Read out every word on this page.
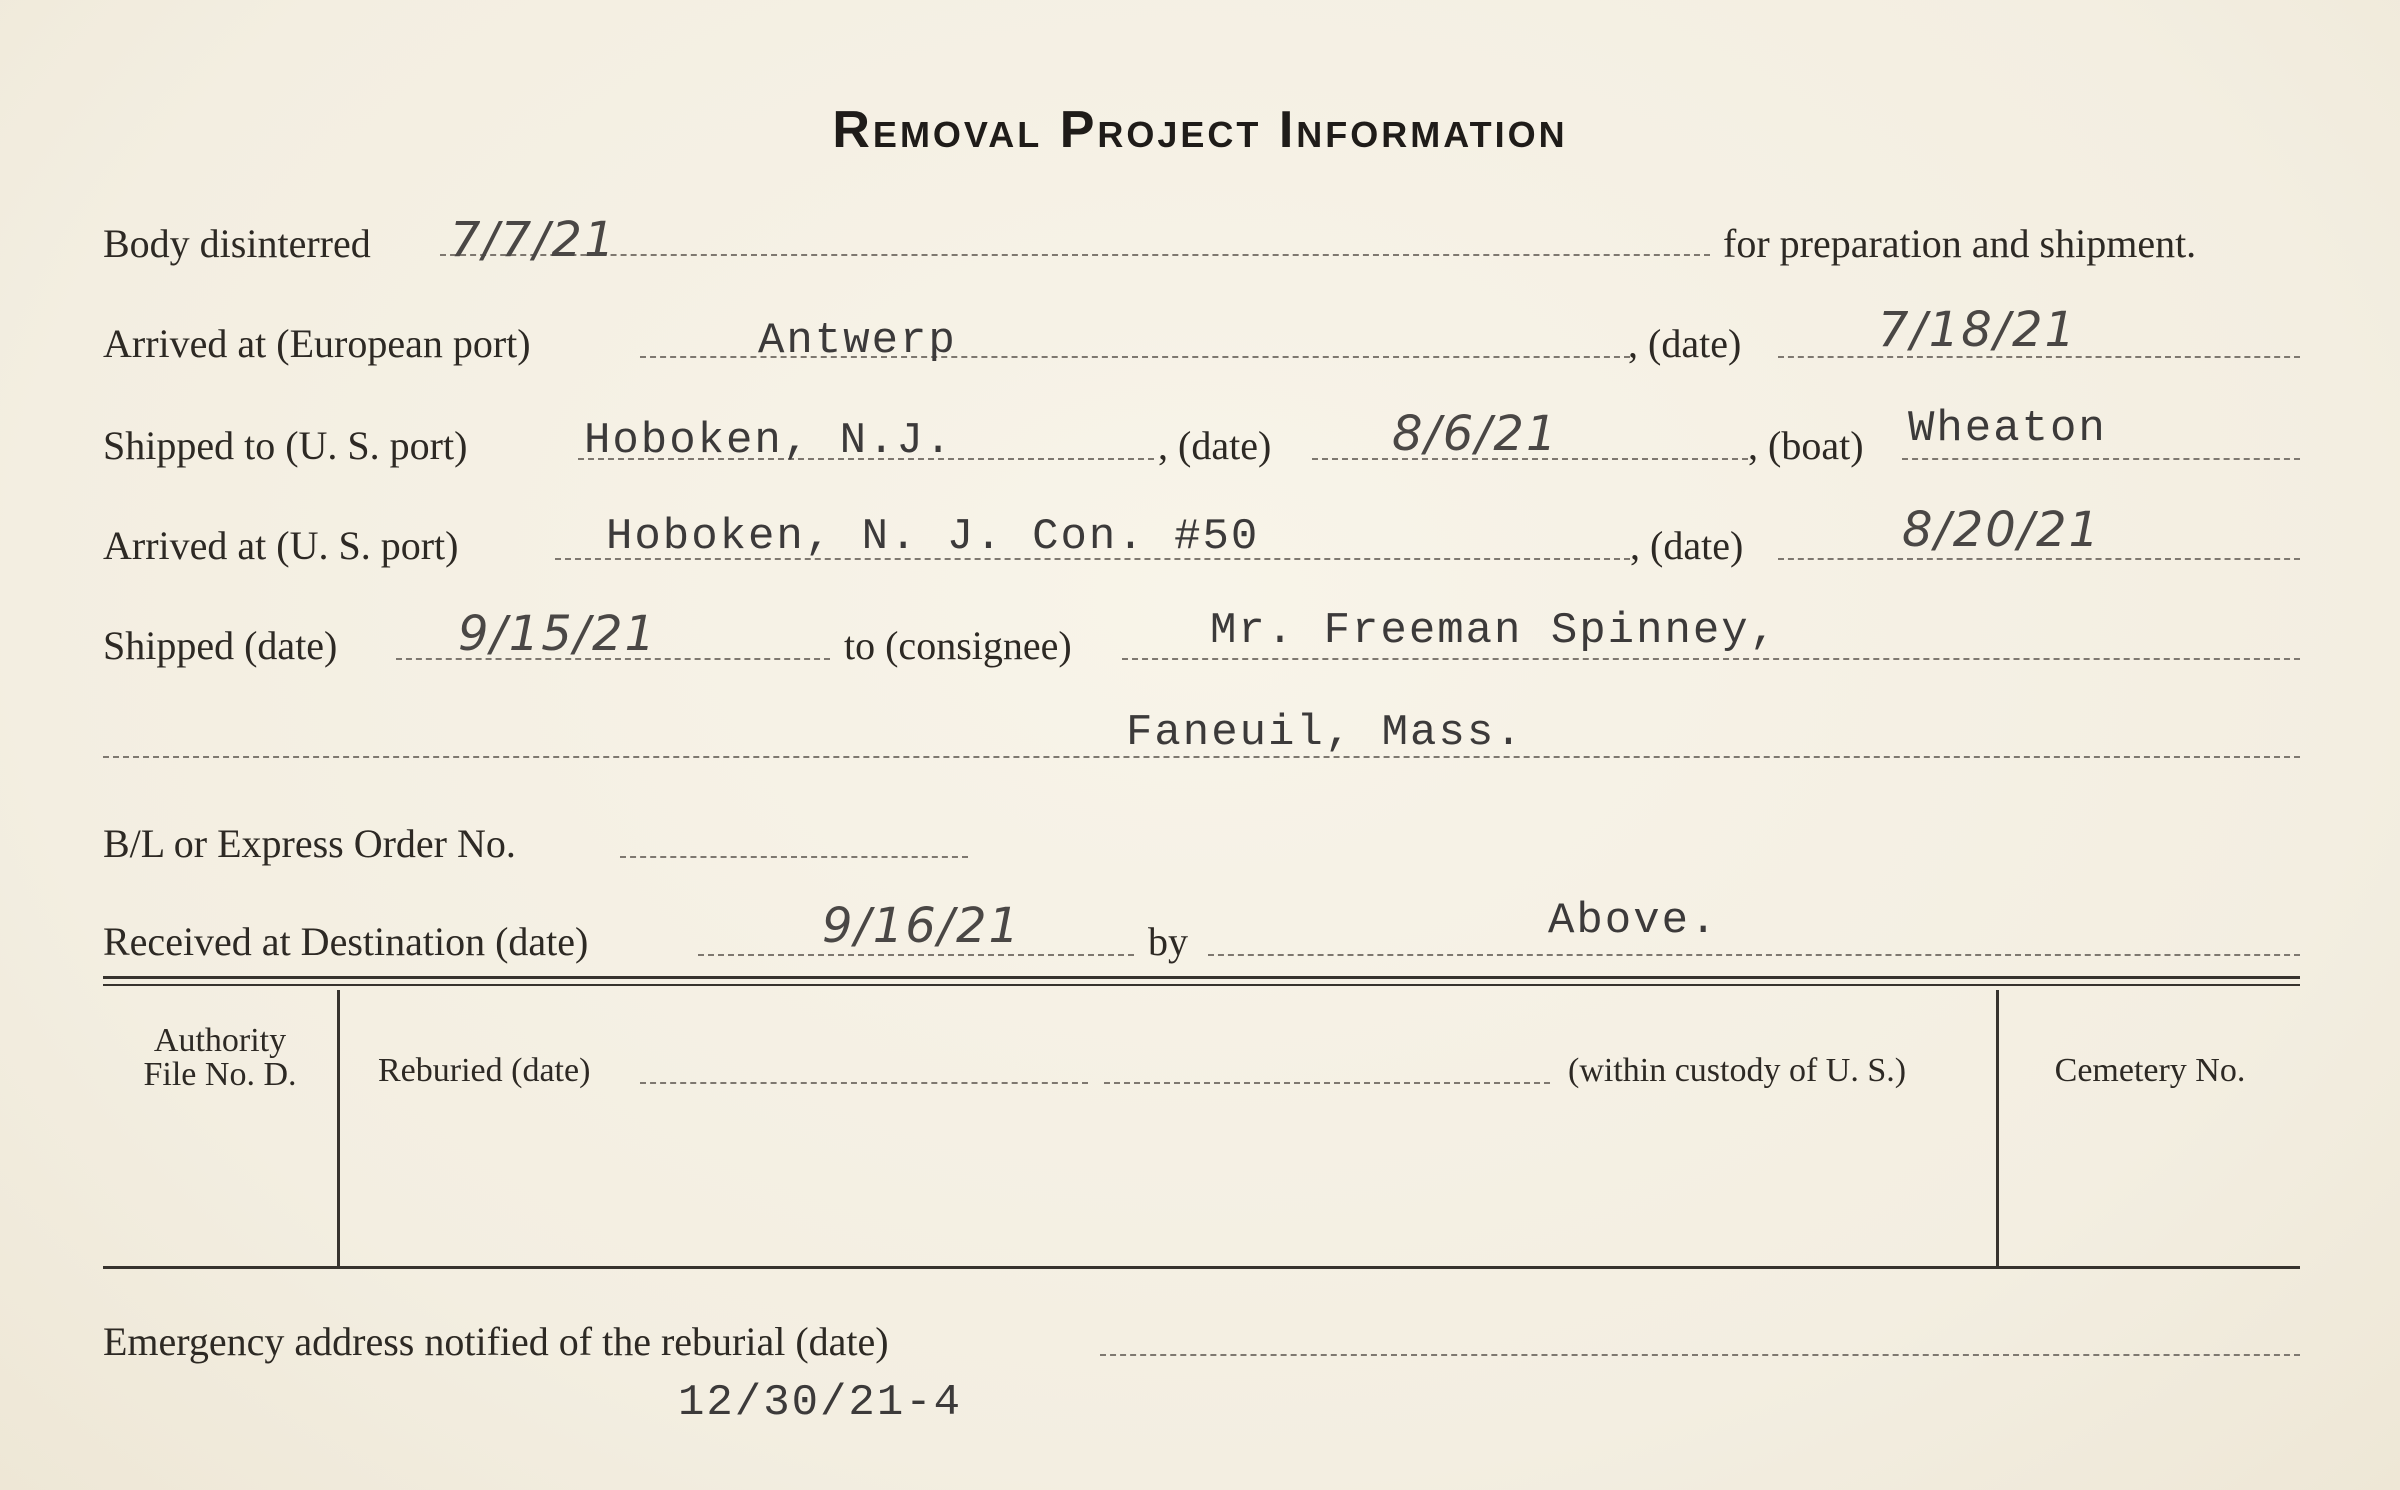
Removal Project Information
Body disinterred 7/7/21	for preparation and shipment.
Arrived at (European port)	Antwerp	, (date)	7/18/21
Shipped to (U. S. port)	Hoboken, N.J.	, (date)	8/6/21	, (boat) Wheaton
Arrived at (U. S. port)	Hoboken, N. J. Con. #50	, (date)	8/20/21
Shipped (date)	9/15/21	to (consignee)	Mr. Freeman Spinney,
Faneuil, Mass.
B/L or Express Order No.
Received at Destination (date)	9/16/21	by	Above.
Authority
File No. D.	Reburied (date)	(within custody of U. S.)	Cemetery No.
Emergency address notified of the reburial (date)
12/30/21-4
